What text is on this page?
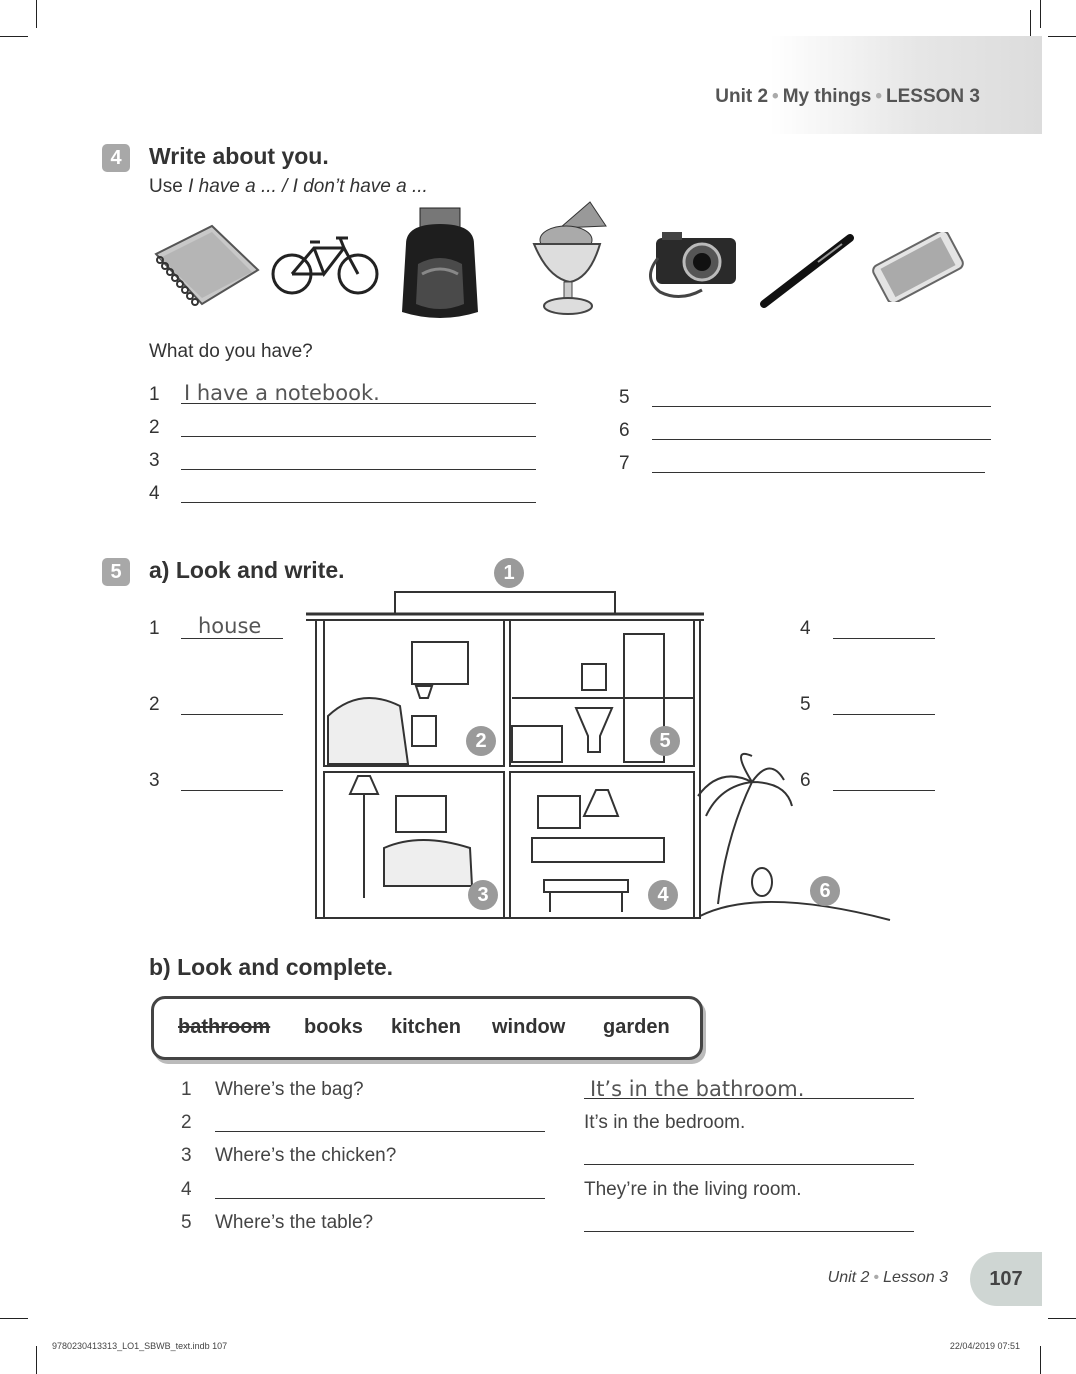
Unit 2 • My things • LESSON 3
4	Write about you.
Use I have a ... / I don’t have a ...
What do you have?
1 I have a notebook.
2
3
4
5
6
7
5	a) Look and write.
1 house
2
3
4
5
6
1
2	5
3	4	6
b) Look and complete.
bathroom books kitchen window garden
1 Where’s the bag?	It’s in the bathroom.
2	It’s in the bedroom.
3 Where’s the chicken?
4	They’re in the living room.
5 Where’s the table?
Unit 2 • Lesson 3	107
9780230413313_LO1_SBWB_text.indb 107	22/04/2019 07:51
